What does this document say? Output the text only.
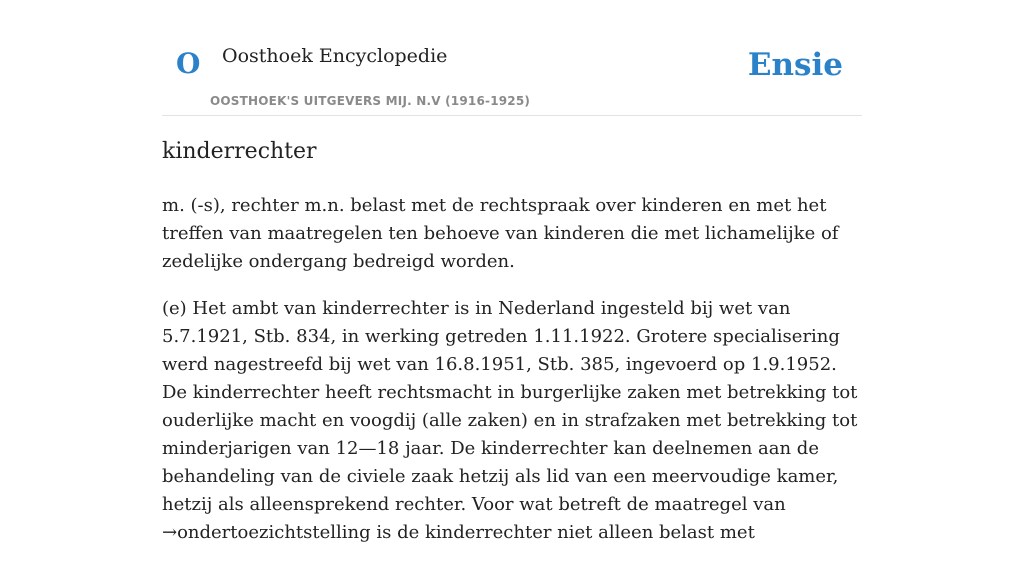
O Oosthoek Encyclopedie
OOSTHOEK'S UITGEVERS MIJ. N.V (1916-1925)
Ensie
kinderrechter

m. (-s), rechter m.n. belast met de rechtspraak over kinderen en met het treffen van maatregelen ten behoeve van kinderen die met lichamelijke of zedelijke ondergang bedreigd worden.

(e) Het ambt van kinderrechter is in Nederland ingesteld bij wet van 5.7.1921, Stb. 834, in werking getreden 1.11.1922. Grotere specialisering werd nagestreefd bij wet van 16.8.1951, Stb. 385, ingevoerd op 1.9.1952. De kinderrechter heeft rechtsmacht in burgerlijke zaken met betrekking tot ouderlijke macht en voogdij (alle zaken) en in strafzaken met betrekking tot minderjarigen van 12—18 jaar. De kinderrechter kan deelnemen aan de behandeling van de civiele zaak hetzij als lid van een meervoudige kamer, hetzij als alleensprekend rechter. Voor wat betreft de maatregel van →ondertoezichtstelling is de kinderrechter niet alleen belast met
